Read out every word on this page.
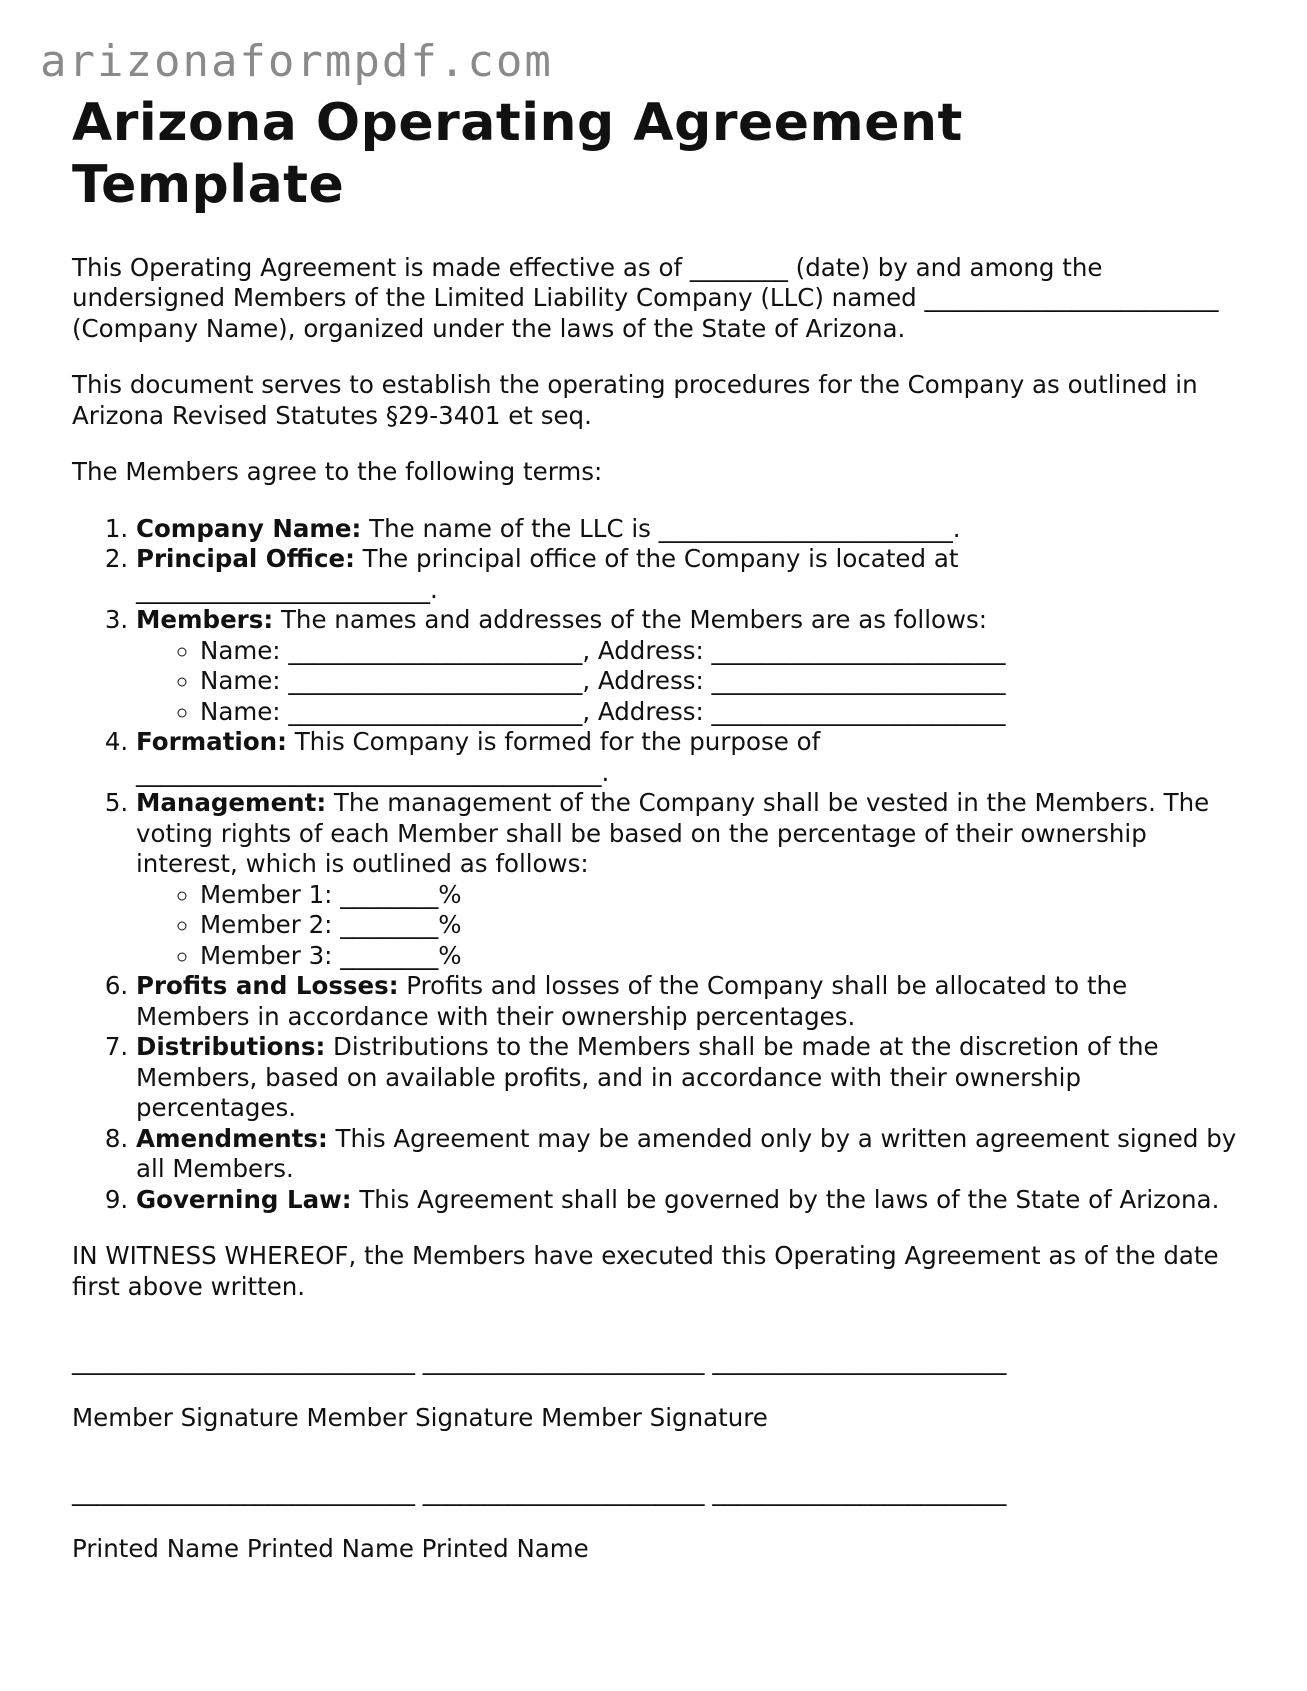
arizonaformpdf.com
Arizona Operating Agreement Template

This Operating Agreement is made effective as of ________ (date) by and among the undersigned Members of the Limited Liability Company (LLC) named ________________________ (Company Name), organized under the laws of the State of Arizona.

This document serves to establish the operating procedures for the Company as outlined in Arizona Revised Statutes §29-3401 et seq.

The Members agree to the following terms:

1. Company Name: The name of the LLC is ________________________.
2. Principal Office: The principal office of the Company is located at ________________________.
3. Members: The names and addresses of the Members are as follows:
◦ Name: ________________________, Address: ________________________
◦ Name: ________________________, Address: ________________________
◦ Name: ________________________, Address: ________________________
4. Formation: This Company is formed for the purpose of ______________________________________.
5. Management: The management of the Company shall be vested in the Members. The voting rights of each Member shall be based on the percentage of their ownership interest, which is outlined as follows:
◦ Member 1: ________%
◦ Member 2: ________%
◦ Member 3: ________%
6. Profits and Losses: Profits and losses of the Company shall be allocated to the Members in accordance with their ownership percentages.
7. Distributions: Distributions to the Members shall be made at the discretion of the Members, based on available profits, and in accordance with their ownership percentages.
8. Amendments: This Agreement may be amended only by a written agreement signed by all Members.
9. Governing Law: This Agreement shall be governed by the laws of the State of Arizona.

IN WITNESS WHEREOF, the Members have executed this Operating Agreement as of the date first above written.

____________________________ _______________________ ________________________
Member Signature Member Signature Member Signature
____________________________ _______________________ ________________________
Printed Name Printed Name Printed Name
